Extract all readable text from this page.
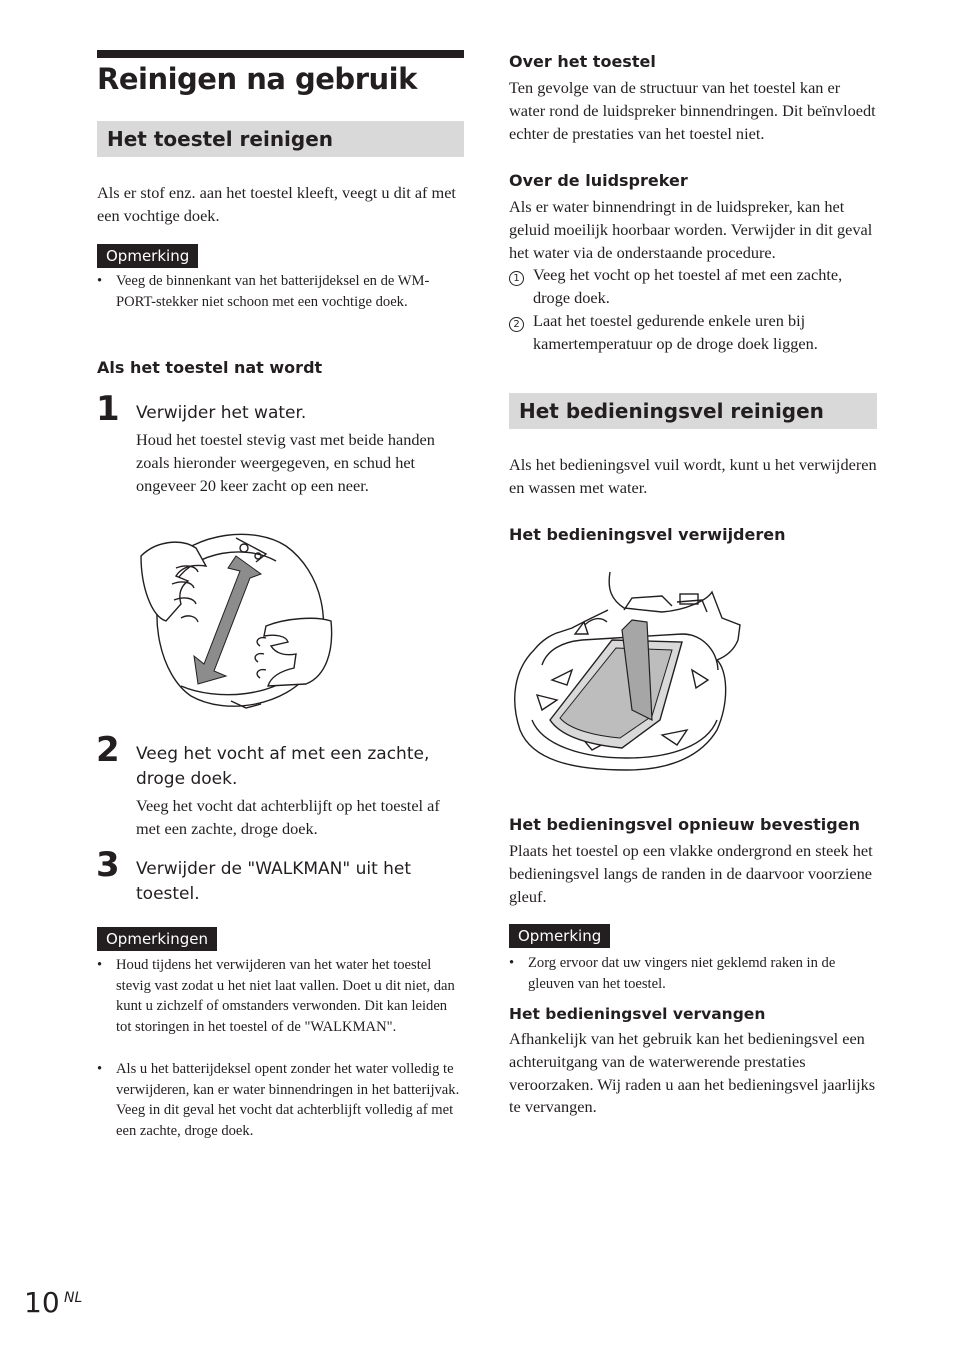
Reinigen na gebruik
Het toestel reinigen

Als er stof enz. aan het toestel kleeft, veegt u dit af met een vochtige doek.

Opmerking

• Veeg de binnenkant van het batterijdeksel en de WM-PORT-stekker niet schoon met een vochtige doek.

Als het toestel nat wordt
1 Verwijder het water.

Houd het toestel stevig vast met beide handen zoals hieronder weergegeven, en schud het ongeveer 20 keer zacht op een neer.

2 Veeg het vocht af met een zachte, droge doek.

Veeg het vocht dat achterblijft op het toestel af met een zachte, droge doek.

3 Verwijder de "WALKMAN" uit het toestel.

Opmerkingen

• Houd tijdens het verwijderen van het water het toestel stevig vast zodat u het niet laat vallen. Doet u dit niet, dan kunt u zichzelf of omstanders verwonden. Dit kan leiden tot storingen in het toestel of de "WALKMAN".

• Als u het batterijdeksel opent zonder het water volledig te verwijderen, kan er water binnendringen in het batterijvak. Veeg in dit geval het vocht dat achterblijft volledig af met een zachte, droge doek.

Over het toestel

Ten gevolge van de structuur van het toestel kan er water rond de luidspreker binnendringen. Dit beïnvloedt echter de prestaties van het toestel niet.

Over de luidspreker

Als er water binnendringt in de luidspreker, kan het geluid moeilijk hoorbaar worden. Verwijder in dit geval het water via de onderstaande procedure.

1 Veeg het vocht op het toestel af met een zachte, droge doek.

2 Laat het toestel gedurende enkele uren bij kamertemperatuur op de droge doek liggen.

Het bedieningsvel reinigen

Als het bedieningsvel vuil wordt, kunt u het verwijderen en wassen met water.

Het bedieningsvel verwijderen
Het bedieningsvel opnieuw bevestigen

Plaats het toestel op een vlakke ondergrond en steek het bedieningsvel langs de randen in de daarvoor voorziene gleuf.

Opmerking

• Zorg ervoor dat uw vingers niet geklemd raken in de gleuven van het toestel.

Het bedieningsvel vervangen

Afhankelijk van het gebruik kan het bedieningsvel een achteruitgang van de waterwerende prestaties veroorzaken. Wij raden u aan het bedieningsvel jaarlijks te vervangen.

10 NL
